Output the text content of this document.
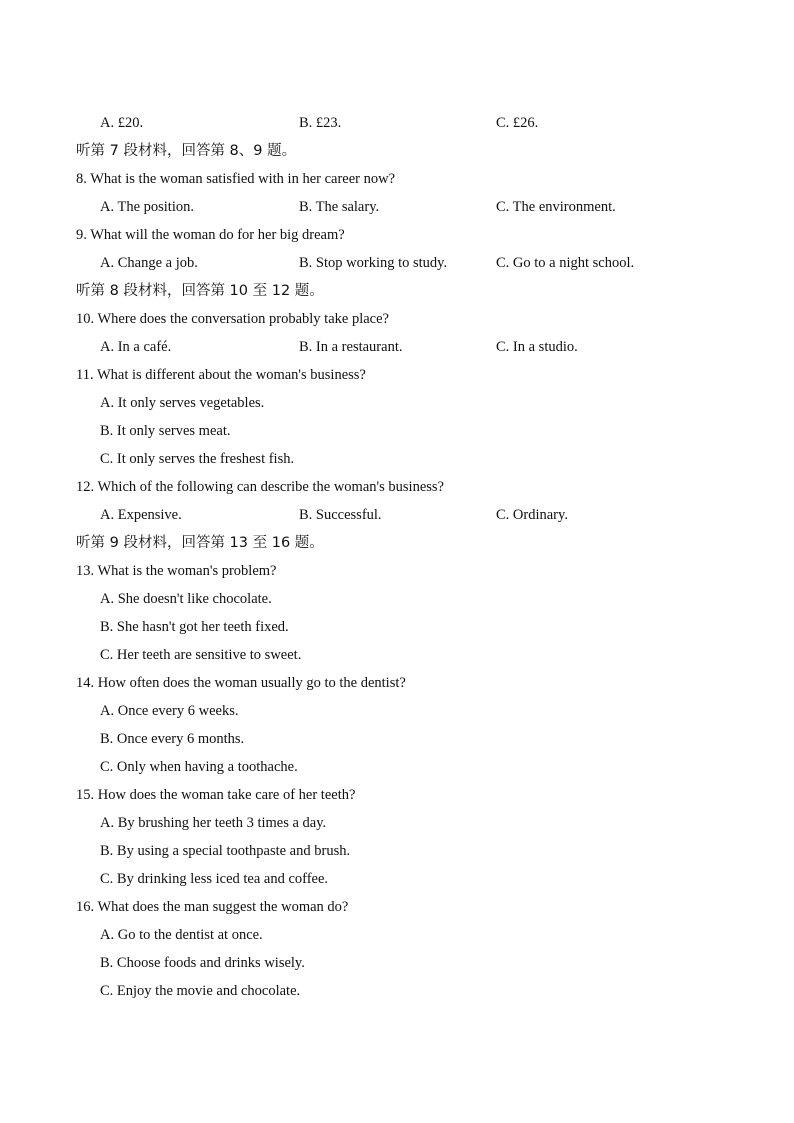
A. £20.	B. £23.	C. £26.
听第 7 段材料，回答第 8、9 题。
8. What is the woman satisfied with in her career now?
A. The position.	B. The salary.	C. The environment.
9. What will the woman do for her big dream?
A. Change a job.	B. Stop working to study.	C. Go to a night school.
听第 8 段材料，回答第 10 至 12 题。
10. Where does the conversation probably take place?
A. In a café.	B. In a restaurant.	C. In a studio.
11. What is different about the woman's business?
A. It only serves vegetables.
B. It only serves meat.
C. It only serves the freshest fish.
12. Which of the following can describe the woman's business?
A. Expensive.	B. Successful.	C. Ordinary.
听第 9 段材料，回答第 13 至 16 题。
13. What is the woman's problem?
A. She doesn't like chocolate.
B. She hasn't got her teeth fixed.
C. Her teeth are sensitive to sweet.
14. How often does the woman usually go to the dentist?
A. Once every 6 weeks.
B. Once every 6 months.
C. Only when having a toothache.
15. How does the woman take care of her teeth?
A. By brushing her teeth 3 times a day.
B. By using a special toothpaste and brush.
C. By drinking less iced tea and coffee.
16. What does the man suggest the woman do?
A. Go to the dentist at once.
B. Choose foods and drinks wisely.
C. Enjoy the movie and chocolate.
